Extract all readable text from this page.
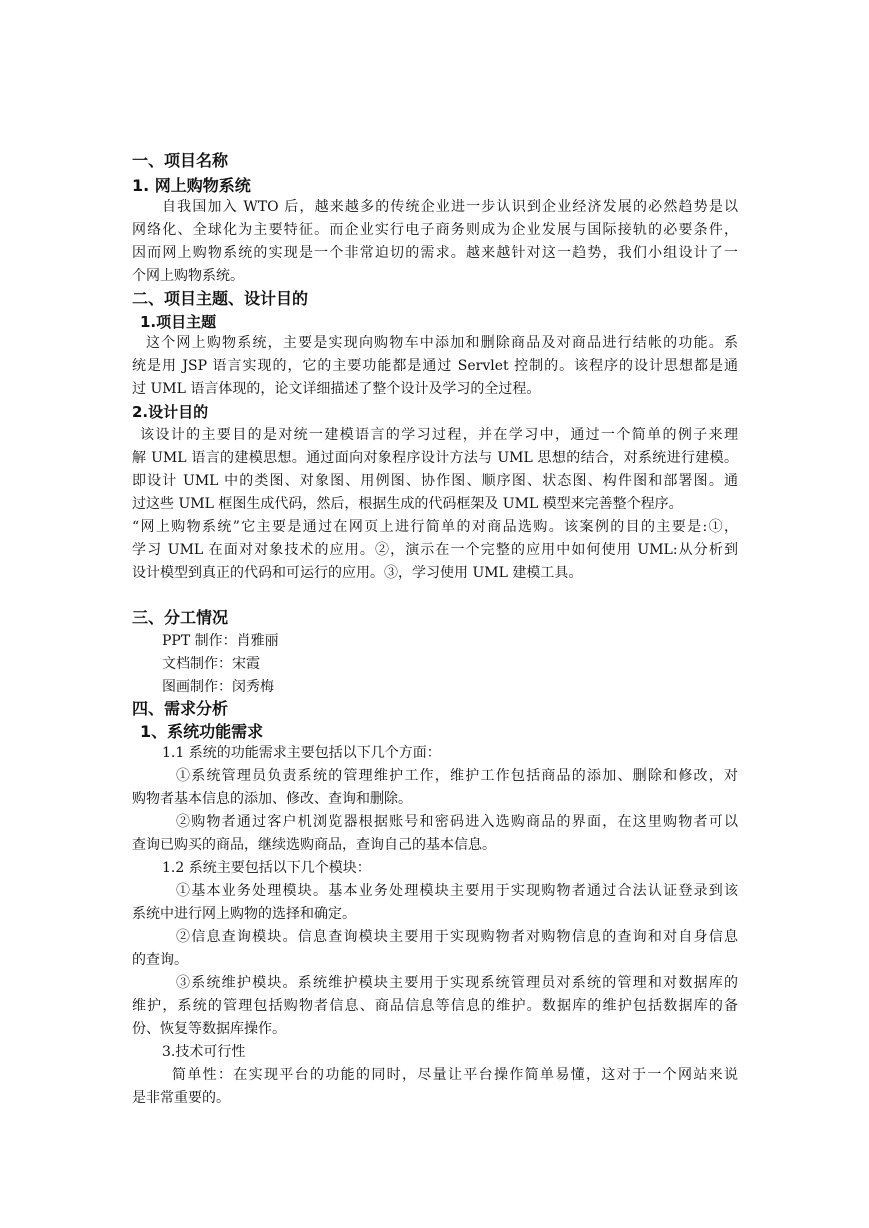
一、项目名称
1. 网上购物系统
自我国加入 WTO 后，越来越多的传统企业进一步认识到企业经济发展的必然趋势是以
网络化、全球化为主要特征。而企业实行电子商务则成为企业发展与国际接轨的必要条件，
因而网上购物系统的实现是一个非常迫切的需求。越来越针对这一趋势，我们小组设计了一
个网上购物系统。
二、项目主题、设计目的
1.项目主题
这个网上购物系统，主要是实现向购物车中添加和删除商品及对商品进行结帐的功能。系
统是用 JSP 语言实现的，它的主要功能都是通过 Servlet 控制的。该程序的设计思想都是通
过 UML 语言体现的，论文详细描述了整个设计及学习的全过程。
2.设计目的
该设计的主要目的是对统一建模语言的学习过程，并在学习中，通过一个简单的例子来理
解 UML 语言的建模思想。通过面向对象程序设计方法与 UML 思想的结合，对系统进行建模。
即设计 UML 中的类图、对象图、用例图、协作图、顺序图、状态图、构件图和部署图。通
过这些 UML 框图生成代码，然后，根据生成的代码框架及 UML 模型来完善整个程序。
“网上购物系统”它主要是通过在网页上进行简单的对商品选购。该案例的目的主要是:①，
学习 UML 在面对对象技术的应用。②，演示在一个完整的应用中如何使用 UML:从分析到
设计模型到真正的代码和可运行的应用。③，学习使用 UML 建模工具。
三、分工情况
PPT 制作：肖雅丽
文档制作：宋霞
图画制作：闵秀梅
四、需求分析
1、系统功能需求
1.1 系统的功能需求主要包括以下几个方面：
①系统管理员负责系统的管理维护工作，维护工作包括商品的添加、删除和修改，对
购物者基本信息的添加、修改、查询和删除。
②购物者通过客户机浏览器根据账号和密码进入选购商品的界面，在这里购物者可以
查询已购买的商品，继续选购商品，查询自己的基本信息。
1.2 系统主要包括以下几个模块：
①基本业务处理模块。基本业务处理模块主要用于实现购物者通过合法认证登录到该
系统中进行网上购物的选择和确定。
②信息查询模块。信息查询模块主要用于实现购物者对购物信息的查询和对自身信息
的查询。
③系统维护模块。系统维护模块主要用于实现系统管理员对系统的管理和对数据库的
维护，系统的管理包括购物者信息、商品信息等信息的维护。数据库的维护包括数据库的备
份、恢复等数据库操作。
3.技术可行性
简单性：在实现平台的功能的同时，尽量让平台操作简单易懂，这对于一个网站来说
是非常重要的。
